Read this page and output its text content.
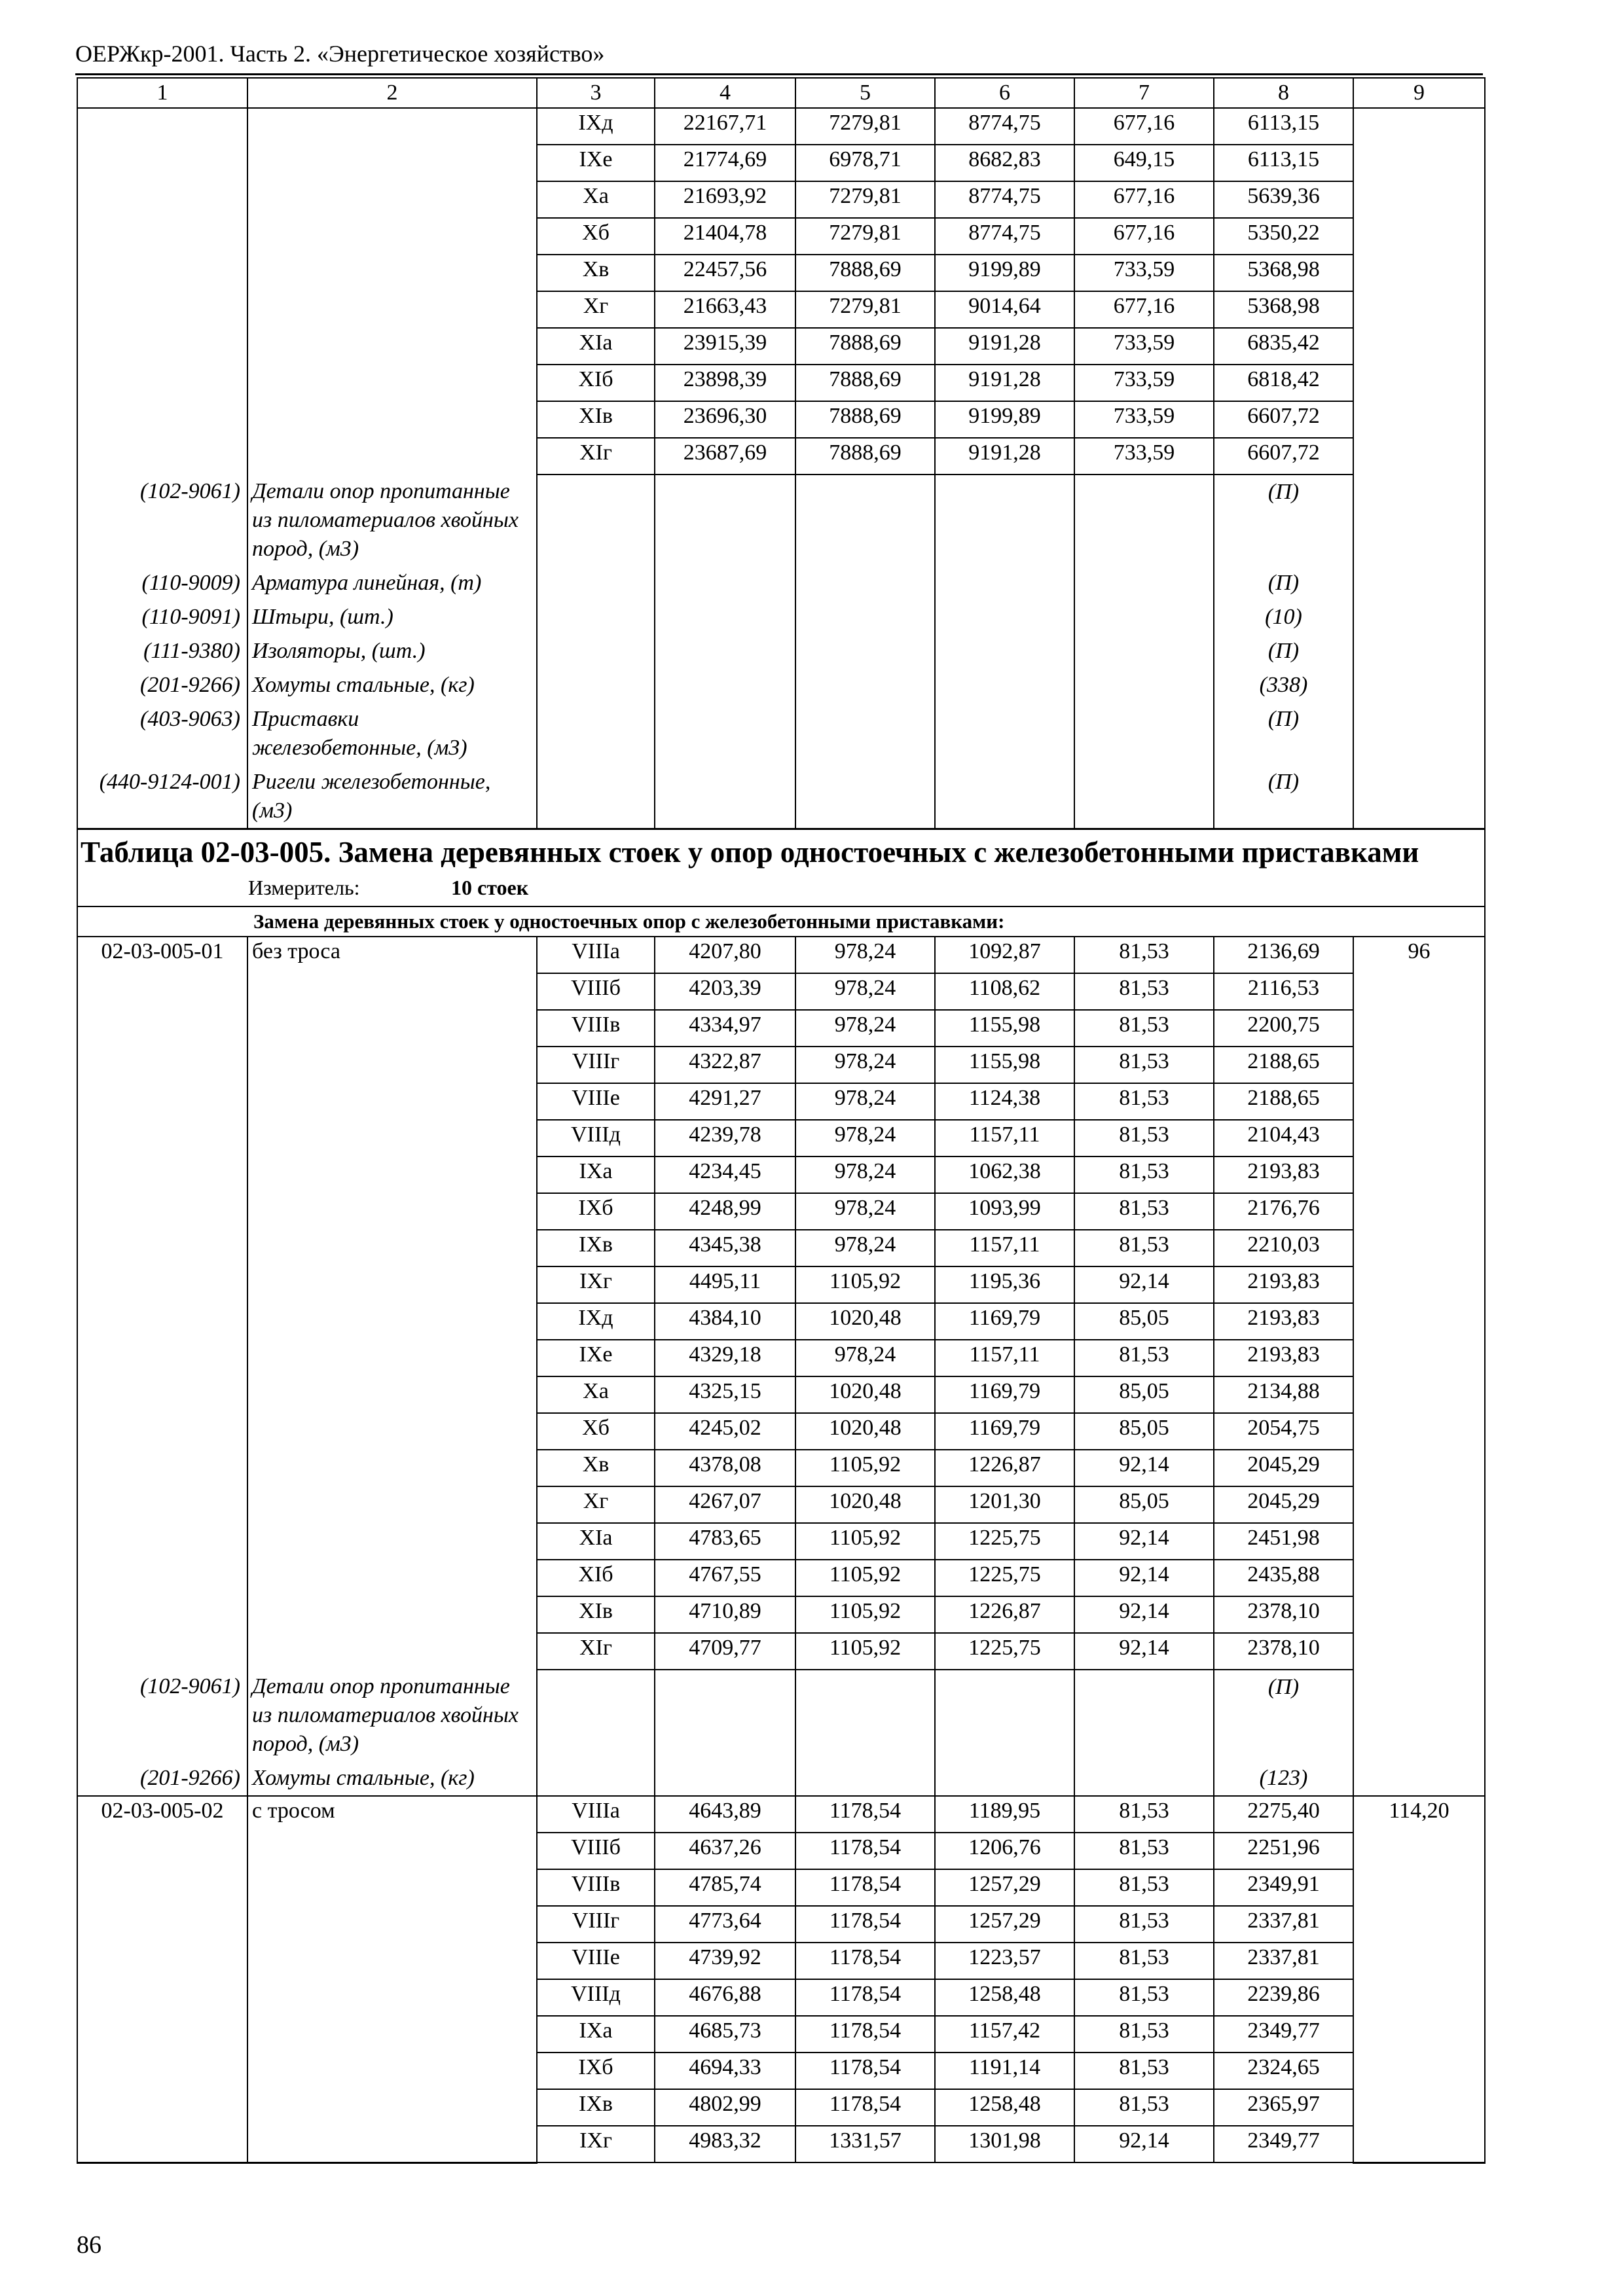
ОЕРЖкр-2001. Часть 2. «Энергетическое хозяйство»
1	2	3	4	5	6	7	8	9
		IXд	22167,71	7279,81	8774,75	677,16	6113,15	
		IXе	21774,69	6978,71	8682,83	649,15	6113,15	
		Xа	21693,92	7279,81	8774,75	677,16	5639,36	
		Xб	21404,78	7279,81	8774,75	677,16	5350,22	
		Xв	22457,56	7888,69	9199,89	733,59	5368,98	
		Xг	21663,43	7279,81	9014,64	677,16	5368,98	
		XIа	23915,39	7888,69	9191,28	733,59	6835,42	
		XIб	23898,39	7888,69	9191,28	733,59	6818,42	
		XIв	23696,30	7888,69	9199,89	733,59	6607,72	
		XIг	23687,69	7888,69	9191,28	733,59	6607,72	
(102-9061)	Детали опор пропитанные из пиломатериалов хвойных пород, (м3)						(П)	
(110-9009)	Арматура линейная, (т)						(П)	
(110-9091)	Штыри, (шт.)						(10)	
(111-9380)	Изоляторы, (шт.)						(П)	
(201-9266)	Хомуты стальные, (кг)						(338)	
(403-9063)	Приставки железобетонные, (м3)						(П)	
(440-9124-001)	Ригели железобетонные, (м3)						(П)	

Таблица 02-03-005. Замена деревянных стоек у опор одностоечных с железобетонными приставками
Измеритель: 10 стоек								

Замена деревянных стоек у одностоечных опор с железобетонными приставками:								
02-03-005-01	без троса	VIIIа	4207,80	978,24	1092,87	81,53	2136,69	96
		VIIIб	4203,39	978,24	1108,62	81,53	2116,53	
		VIIIв	4334,97	978,24	1155,98	81,53	2200,75	
		VIIIг	4322,87	978,24	1155,98	81,53	2188,65	
		VIIIе	4291,27	978,24	1124,38	81,53	2188,65	
		VIIIд	4239,78	978,24	1157,11	81,53	2104,43	
		IXа	4234,45	978,24	1062,38	81,53	2193,83	
		IXб	4248,99	978,24	1093,99	81,53	2176,76	
		IXв	4345,38	978,24	1157,11	81,53	2210,03	
		IXг	4495,11	1105,92	1195,36	92,14	2193,83	
		IXд	4384,10	1020,48	1169,79	85,05	2193,83	
		IXе	4329,18	978,24	1157,11	81,53	2193,83	
		Xа	4325,15	1020,48	1169,79	85,05	2134,88	
		Xб	4245,02	1020,48	1169,79	85,05	2054,75	
		Xв	4378,08	1105,92	1226,87	92,14	2045,29	
		Xг	4267,07	1020,48	1201,30	85,05	2045,29	
		XIа	4783,65	1105,92	1225,75	92,14	2451,98	
		XIб	4767,55	1105,92	1225,75	92,14	2435,88	
		XIв	4710,89	1105,92	1226,87	92,14	2378,10	
		XIг	4709,77	1105,92	1225,75	92,14	2378,10	
(102-9061)	Детали опор пропитанные из пиломатериалов хвойных пород, (м3)						(П)	
(201-9266)	Хомуты стальные, (кг)						(123)	
02-03-005-02	с тросом	VIIIа	4643,89	1178,54	1189,95	81,53	2275,40	114,20
		VIIIб	4637,26	1178,54	1206,76	81,53	2251,96	
		VIIIв	4785,74	1178,54	1257,29	81,53	2349,91	
		VIIIг	4773,64	1178,54	1257,29	81,53	2337,81	
		VIIIе	4739,92	1178,54	1223,57	81,53	2337,81	
		VIIIд	4676,88	1178,54	1258,48	81,53	2239,86	
		IXа	4685,73	1178,54	1157,42	81,53	2349,77	
		IXб	4694,33	1178,54	1191,14	81,53	2324,65	
		IXв	4802,99	1178,54	1258,48	81,53	2365,97	
		IXг	4983,32	1331,57	1301,98	92,14	2349,77	
86
